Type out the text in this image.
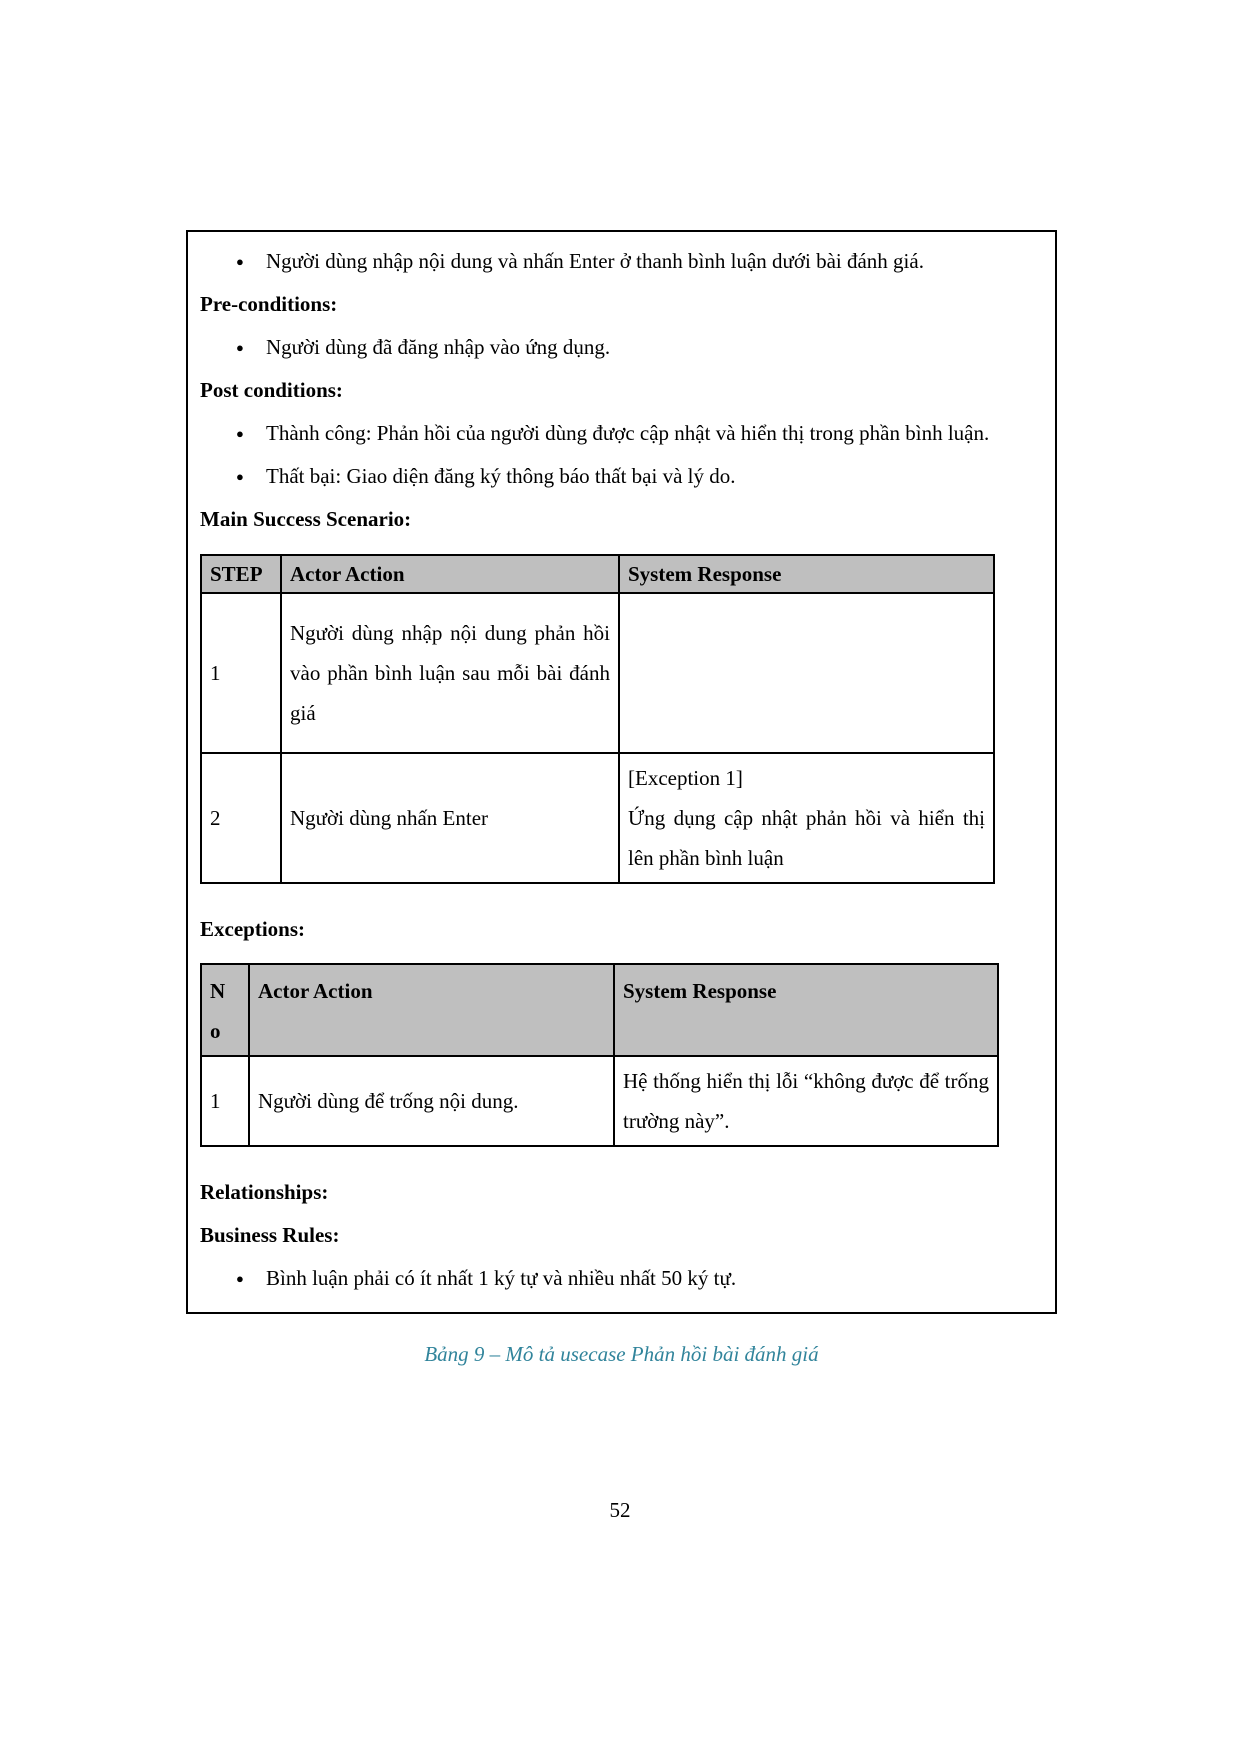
●	Người dùng nhập nội dung và nhấn Enter ở thanh bình luận dưới bài đánh giá.
Pre-conditions:
●	Người dùng đã đăng nhập vào ứng dụng.
Post conditions:
●	Thành công: Phản hồi của người dùng được cập nhật và hiển thị trong phần bình luận.
●	Thất bại: Giao diện đăng ký thông báo thất bại và lý do.
Main Success Scenario:
STEP	Actor Action	System Response
1	Người dùng nhập nội dung phản hồi vào phần bình luận sau mỗi bài đánh giá	
2	Người dùng nhấn Enter	[Exception 1]
Ứng dụng cập nhật phản hồi và hiển thị lên phần bình luận
Exceptions:
No	Actor Action	System Response
1	Người dùng để trống nội dung.	Hệ thống hiển thị lỗi “không được để trống trường này”.
Relationships:
Business Rules:
●	Bình luận phải có ít nhất 1 ký tự và nhiều nhất 50 ký tự.
Bảng 9 – Mô tả usecase Phản hồi bài đánh giá
52
